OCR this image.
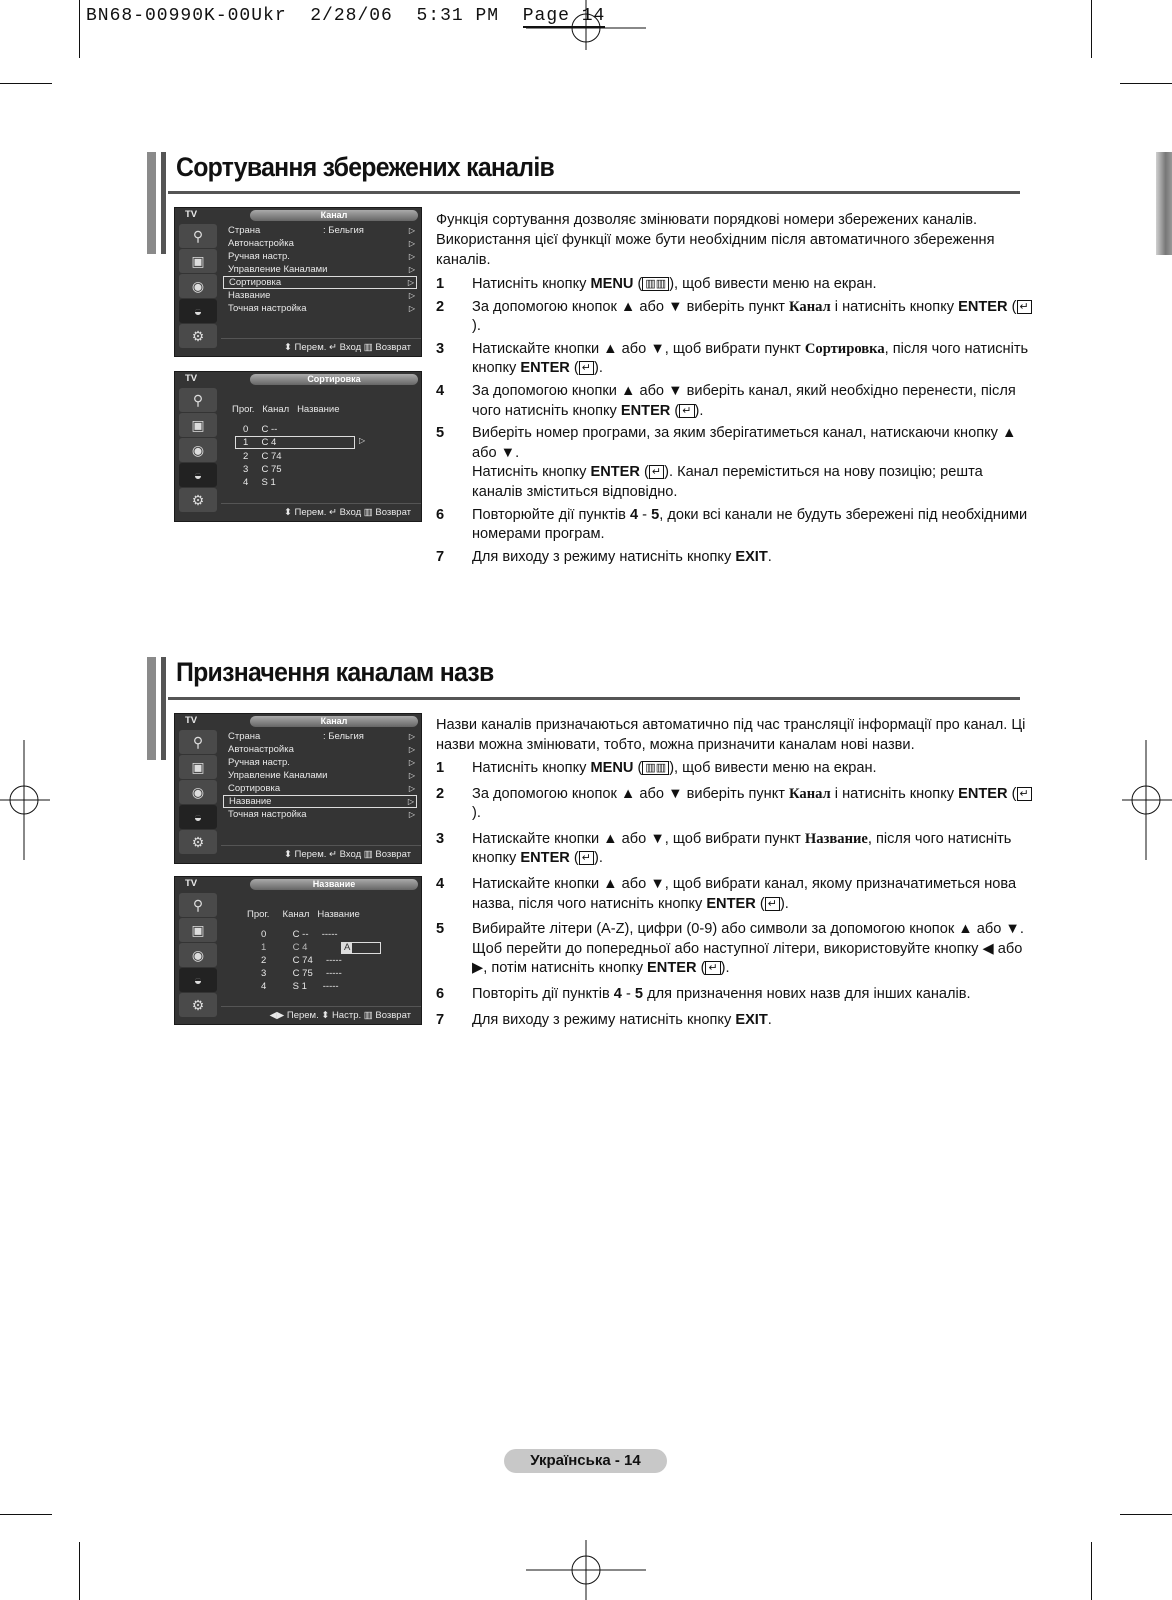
BN68-00990K-00Ukr 2/28/06 5:31 PM Page 14
Сортування збережених каналів
TV	Канал
⚲
▣
◉
◒
⚙
Страна	: Бельгия	▷
Автонастройка	▷
Ручная настр.	▷
Управление Каналами	▷
Сортировка	▷
Название	▷
Точная настройка	▷
⬍ Перем. ↵ Вход ▥ Возврат
TV	Сортировка
⚲
▣
◉
◒
⚙
Прог.   Канал   Название
0     C --
1     C 4	▷
2     C 74
3     C 75
4     S 1
⬍ Перем. ↵ Вход ▥ Возврат
Функція сортування дозволяє змінювати порядкові номери збережених каналів. Використання цієї функції може бути необхідним після автоматичного збереження каналів.
1 Натисніть кнопку MENU ( ​▥▥ ), щоб вивести меню на екран.
2 За допомогою кнопок ▲ або ▼ виберіть пункт Канал і натисніть кнопку ENTER ( ↵).
3 Натискайте кнопки ▲ або ▼, щоб вибрати пункт Сортировка, після чого натисніть кнопку ENTER ( ↵ ).
4 За допомогою кнопки ▲ або ▼ виберіть канал, який необхідно перенести, після чого натисніть кнопку ENTER ( ↵ ).
5 Виберіть номер програми, за яким зберігатиметься канал, натискаючи кнопку ▲ або ▼.
Натисніть кнопку ENTER ( ↵ ). Канал переміститься на нову позицію; решта каналів зміститься відповідно.
6 Повторюйте дії пунктів 4 ‑ 5, доки всі канали не будуть збережені під необхідними номерами програм.
7 Для виходу з режиму натисніть кнопку EXIT.
Призначення каналам назв
TV	Канал
⚲
▣
◉
◒
⚙
Страна	: Бельгия	▷
Автонастройка	▷
Ручная настр.	▷
Управление Каналами	▷
Сортировка	▷
Название	▷
Точная настройка	▷
⬍ Перем. ↵ Вход ▥ Возврат
TV	Название
⚲
▣
◉
◒
⚙
Прог.     Канал   Название
0          C --     -----
1          C 4	A
2          C 74     -----
3          C 75     -----
4          S 1      -----
◀▶ Перем. ⬍ Настр. ▥ Возврат
Назви каналів призначаються автоматично під час трансляції інформації про канал. Ці назви можна змінювати, тобто, можна призначити каналам нові назви.
1 Натисніть кнопку MENU ( ▥▥ ), щоб вивести меню на екран.
2 За допомогою кнопок ▲ або ▼ виберіть пункт Канал і натисніть кнопку ENTER ( ↵).
3 Натискайте кнопки ▲ або ▼, щоб вибрати пункт Название, після чого натисніть кнопку ENTER ( ↵ ).
4 Натискайте кнопки ▲ або ▼, щоб вибрати канал, якому призначатиметься нова назва, після чого натисніть кнопку ENTER ( ↵ ).
5 Вибирайте літери (A‑Z), цифри (0‑9) або символи за допомогою кнопок ▲ або ▼. Щоб перейти до попередньої або наступної літери, використовуйте кнопку ◀ або ▶, потім натисніть кнопку ENTER ( ↵ ).
6 Повторіть дії пунктів 4 ‑ 5 для призначення нових назв для інших каналів.
7 Для виходу з режиму натисніть кнопку EXIT.
Українська - 14
